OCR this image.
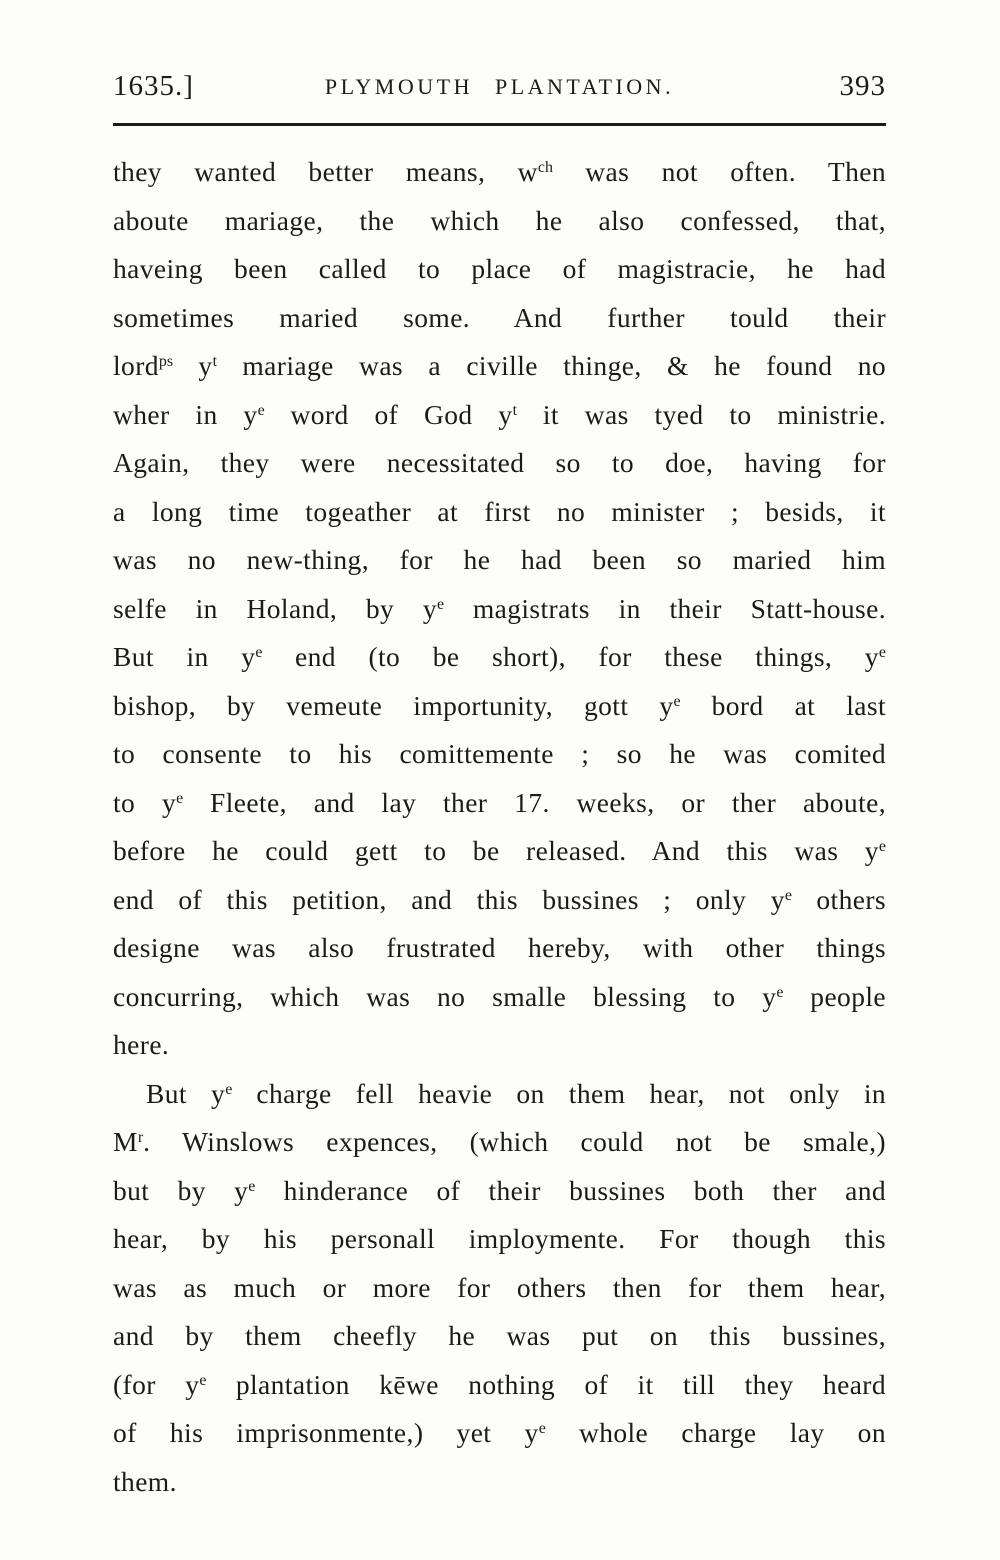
1635.]	PLYMOUTH PLANTATION.	393
they wanted better means, $w^{ch}$ was not often. Then
aboute mariage, the which he also confessed, that,
haveing been called to place of magistracie, he had
sometimes maried some. And further tould their
lord$^{ps}$ $y^t$ mariage was a civille thinge, & he found no
wher in $y^e$ word of God $y^t$ it was tyed to ministrie.
Again, they were necessitated so to doe, having for
a long time togeather at first no minister ; besids, it
was no new-thing, for he had been so maried him
selfe in Holand, by $y^e$ magistrats in their Statt-house.
But in $y^e$ end (to be short), for these things, $y^e$
bishop, by vemeute importunity, gott $y^e$ bord at last
to consente to his comittemente ; so he was comited
to $y^e$ Fleete, and lay ther 17. weeks, or ther aboute,
before he could gett to be released. And this was $y^e$
end of this petition, and this bussines ; only $y^e$ others
designe was also frustrated hereby, with other things
concurring, which was no smalle blessing to $y^e$ people
here.
But $y^e$ charge fell heavie on them hear, not only in
$M^r$. Winslows expences, (which could not be smale,)
but by $y^e$ hinderance of their bussines both ther and
hear, by his personall imploymente. For though this
was as much or more for others then for them hear,
and by them cheefly he was put on this bussines,
(for $y^e$ plantation kēwe nothing of it till they heard
of his imprisonmente,) yet $y^e$ whole charge lay on
them.
